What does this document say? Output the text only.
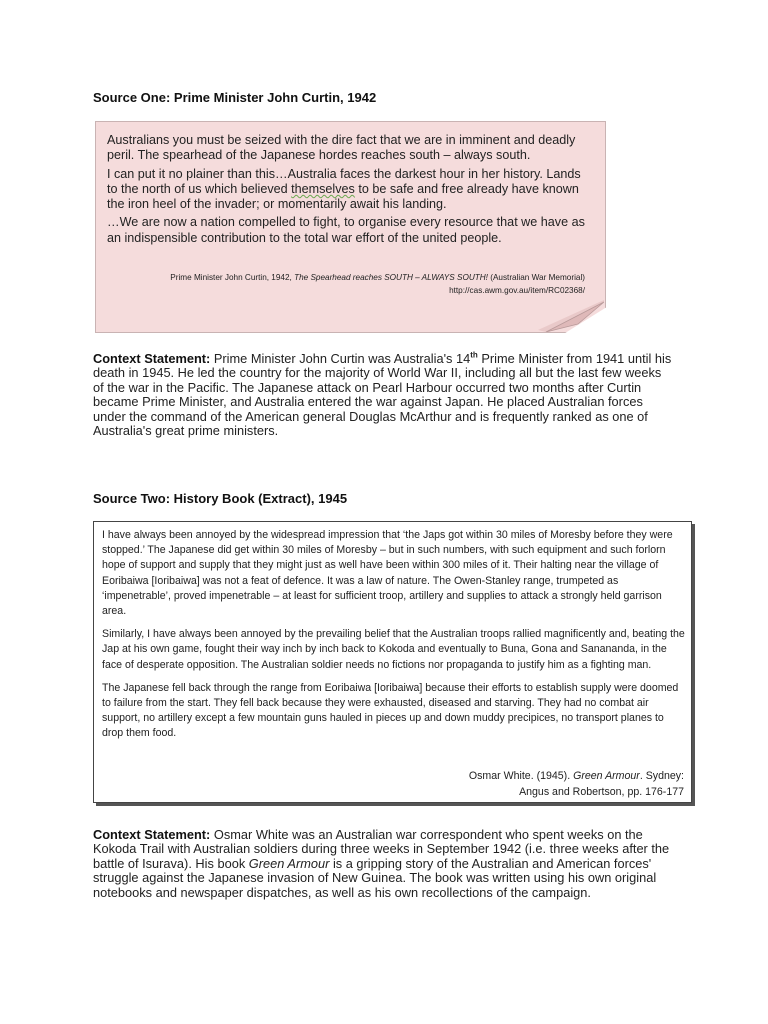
Source One: Prime Minister John Curtin, 1942

Australians you must be seized with the dire fact that we are in imminent and deadly peril. The spearhead of the Japanese hordes reaches south – always south.

I can put it no plainer than this…Australia faces the darkest hour in her history. Lands to the north of us which believed themselves to be safe and free already have known the iron heel of the invader; or momentarily await his landing.

…We are now a nation compelled to fight, to organise every resource that we have as an indispensible contribution to the total war effort of the united people.

Prime Minister John Curtin, 1942, The Spearhead reaches SOUTH – ALWAYS SOUTH! (Australian War Memorial)
http://cas.awm.gov.au/item/RC02368/
Context Statement: Prime Minister John Curtin was Australia's 14th Prime Minister from 1941 until his death in 1945. He led the country for the majority of World War II, including all but the last few weeks of the war in the Pacific. The Japanese attack on Pearl Harbour occurred two months after Curtin became Prime Minister, and Australia entered the war against Japan. He placed Australian forces under the command of the American general Douglas McArthur and is frequently ranked as one of Australia's great prime ministers.
Source Two: History Book (Extract), 1945

I have always been annoyed by the widespread impression that ‘the Japs got within 30 miles of Moresby before they were stopped.’ The Japanese did get within 30 miles of Moresby – but in such numbers, with such equipment and such forlorn hope of support and supply that they might just as well have been within 300 miles of it. Their halting near the village of Eoribaiwa [Ioribaiwa] was not a feat of defence. It was a law of nature. The Owen-Stanley range, trumpeted as ‘impenetrable’, proved impenetrable – at least for sufficient troop, artillery and supplies to attack a strongly held garrison area.

Similarly, I have always been annoyed by the prevailing belief that the Australian troops rallied magnificently and, beating the Jap at his own game, fought their way inch by inch back to Kokoda and eventually to Buna, Gona and Sanananda, in the face of desperate opposition. The Australian soldier needs no fictions nor propaganda to justify him as a fighting man.

The Japanese fell back through the range from Eoribaiwa [Ioribaiwa] because their efforts to establish supply were doomed to failure from the start. They fell back because they were exhausted, diseased and starving. They had no combat air support, no artillery except a few mountain guns hauled in pieces up and down muddy precipices, no transport planes to drop them food.

Osmar White. (1945). Green Armour. Sydney:
Angus and Robertson, pp. 176-177
Context Statement: Osmar White was an Australian war correspondent who spent weeks on the Kokoda Trail with Australian soldiers during three weeks in September 1942 (i.e. three weeks after the battle of Isurava). His book Green Armour is a gripping story of the Australian and American forces' struggle against the Japanese invasion of New Guinea. The book was written using his own original notebooks and newspaper dispatches, as well as his own recollections of the campaign.
